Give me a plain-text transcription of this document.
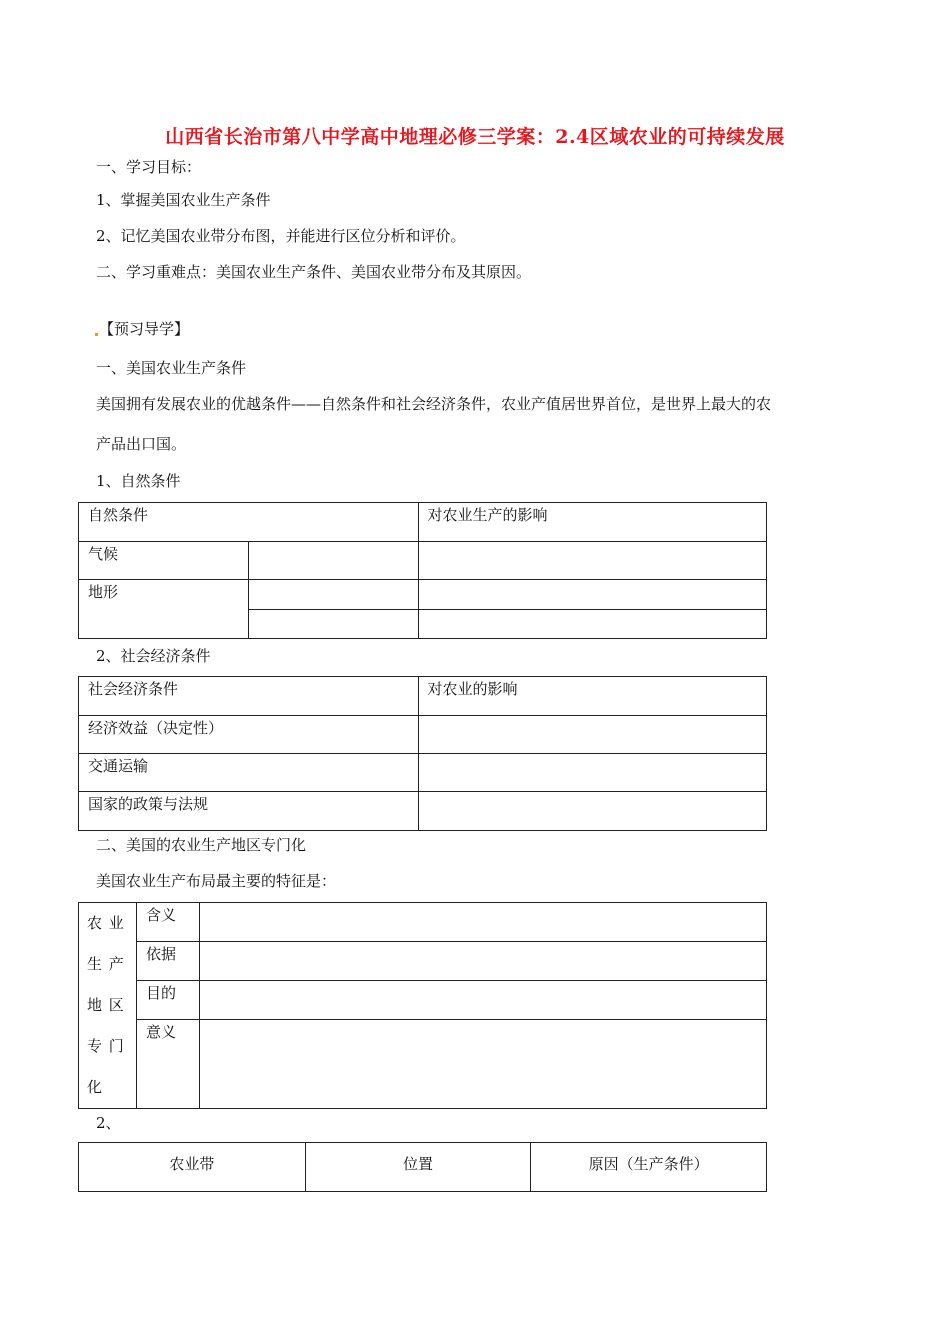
山西省长治市第八中学高中地理必修三学案：2.4区域农业的可持续发展
一、学习目标：
1、掌握美国农业生产条件
2、记忆美国农业带分布图，并能进行区位分析和评价。
二、学习重难点：美国农业生产条件、美国农业带分布及其原因。
【预习导学】
一、美国农业生产条件
美国拥有发展农业的优越条件——自然条件和社会经济条件，农业产值居世界首位，是世界上最大的农
产品出口国。
1、自然条件
自然条件		对农业生产的影响
气候		
地形		

2、社会经济条件
社会经济条件	对农业的影响
经济效益（决定性）	
交通运输	
国家的政策与法规	
二、美国的农业生产地区专门化
美国农业生产布局最主要的特征是：
农 业
生 产
地 区
专 门
化	含义	
	依据	
	目的	
	意义	
2、
农业带	位置	原因（生产条件）
